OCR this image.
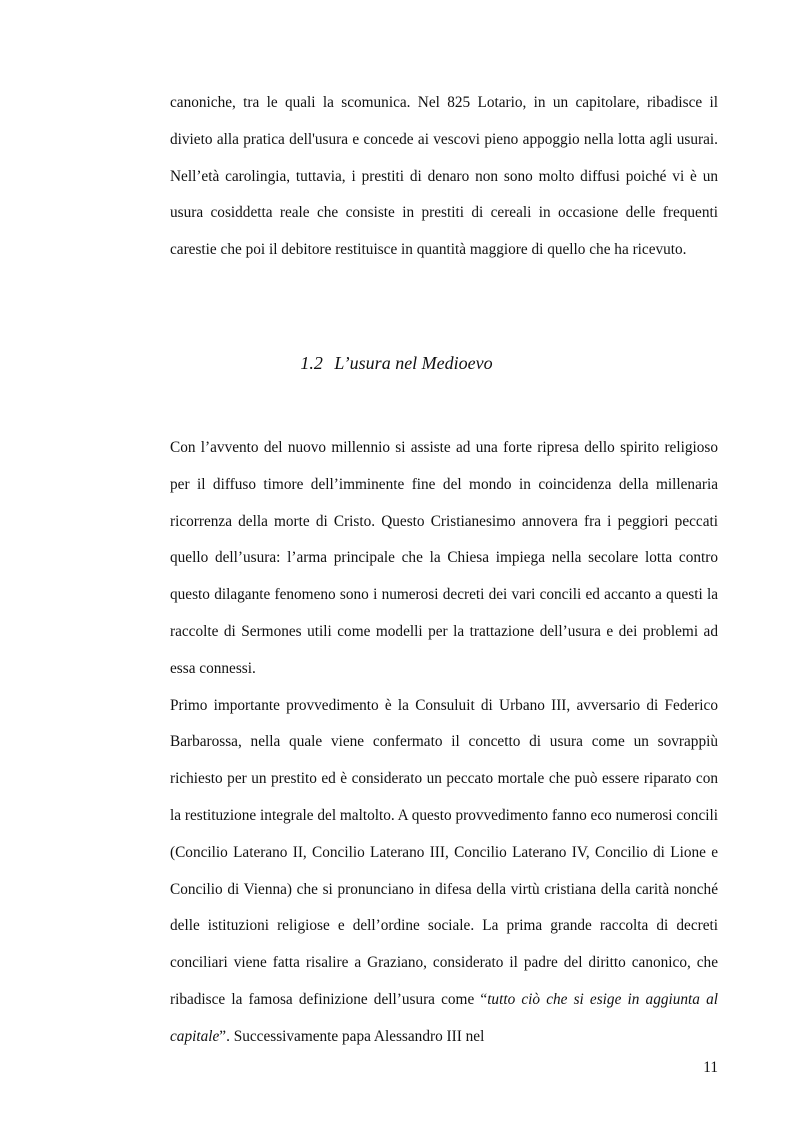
canoniche, tra le quali la scomunica. Nel 825 Lotario, in un capitolare, ribadisce il divieto alla pratica dell'usura e concede ai vescovi pieno appoggio nella lotta agli usurai. Nell’età carolingia, tuttavia, i prestiti di denaro non sono molto diffusi poiché vi è un usura cosiddetta reale che consiste in prestiti di cereali in occasione delle frequenti carestie che poi il debitore restituisce in quantità maggiore di quello che ha ricevuto.

1.2 L’usura nel Medioevo

Con l’avvento del nuovo millennio si assiste ad una forte ripresa dello spirito religioso per il diffuso timore dell’imminente fine del mondo in coincidenza della millenaria ricorrenza della morte di Cristo. Questo Cristianesimo annovera fra i peggiori peccati quello dell’usura: l’arma principale che la Chiesa impiega nella secolare lotta contro questo dilagante fenomeno sono i numerosi decreti dei vari concili ed accanto a questi la raccolte di Sermones utili come modelli per la trattazione dell’usura e dei problemi ad essa connessi.

Primo importante provvedimento è la Consuluit di Urbano III, avversario di Federico Barbarossa, nella quale viene confermato il concetto di usura come un sovrappiù richiesto per un prestito ed è considerato un peccato mortale che può essere riparato con la restituzione integrale del maltolto. A questo provvedimento fanno eco numerosi concili (Concilio Laterano II, Concilio Laterano III, Concilio Laterano IV, Concilio di Lione e Concilio di Vienna) che si pronunciano in difesa della virtù cristiana della carità nonché delle istituzioni religiose e dell’ordine sociale. La prima grande raccolta di decreti conciliari viene fatta risalire a Graziano, considerato il padre del diritto canonico, che ribadisce la famosa definizione dell’usura come “tutto ciò che si esige in aggiunta al capitale”. Successivamente papa Alessandro III nel

11
